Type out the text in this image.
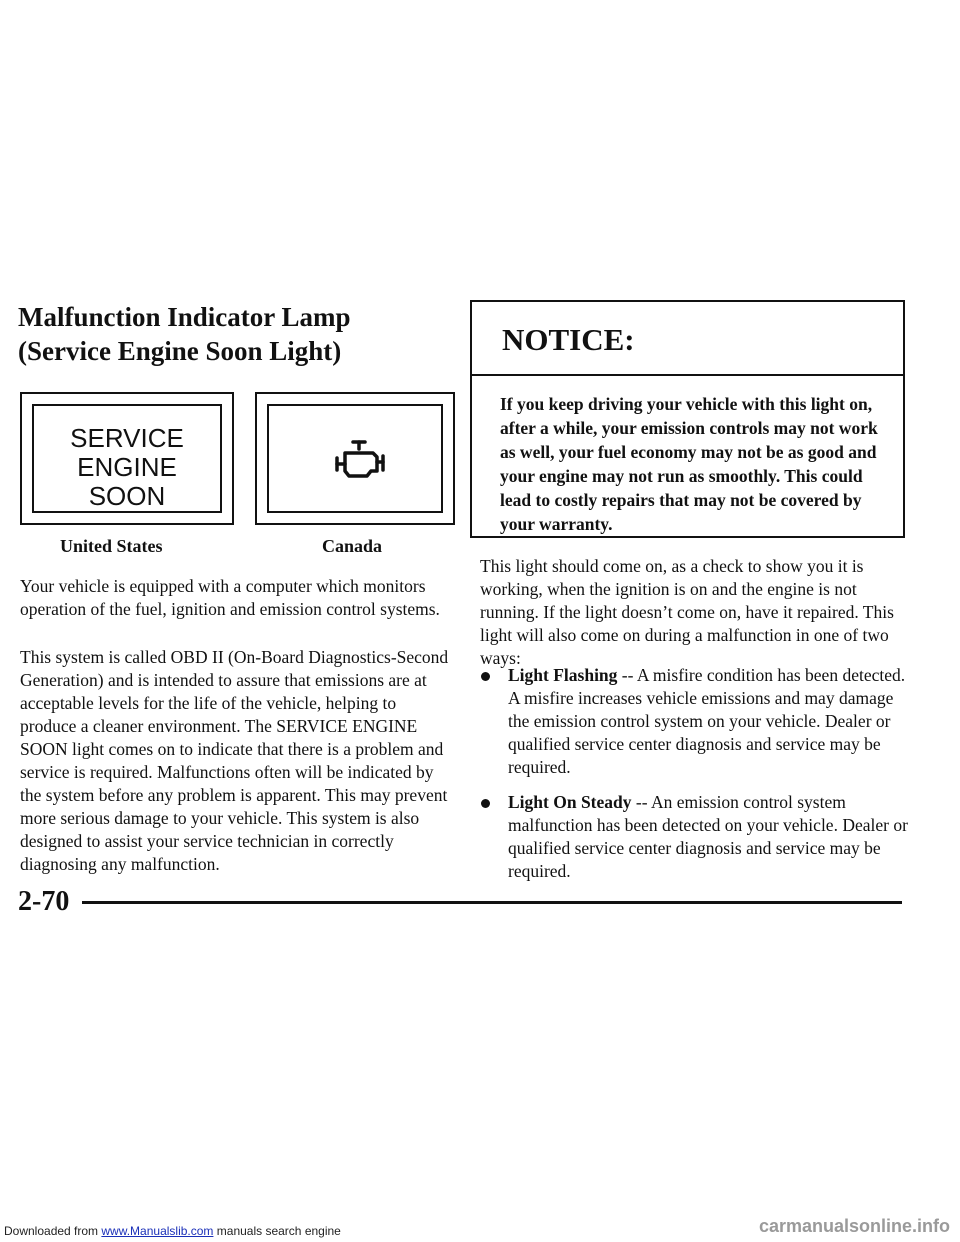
Malfunction Indicator Lamp
(Service Engine Soon Light)
SERVICE
ENGINE
SOON
United States	Canada
Your vehicle is equipped with a computer which monitors operation of the fuel, ignition and emission control systems.
This system is called OBD II (On-Board Diagnostics-Second Generation) and is intended to assure that emissions are at acceptable levels for the life of the vehicle, helping to produce a cleaner environment. The SERVICE ENGINE SOON light comes on to indicate that there is a problem and service is required. Malfunctions often will be indicated by the system before any problem is apparent. This may prevent more serious damage to your vehicle. This system is also designed to assist your service technician in correctly diagnosing any malfunction.
NOTICE:
If you keep driving your vehicle with this light on, after a while, your emission controls may not work as well, your fuel economy may not be as good and your engine may not run as smoothly. This could lead to costly repairs that may not be covered by your warranty.
This light should come on, as a check to show you it is working, when the ignition is on and the engine is not running. If the light doesn’t come on, have it repaired. This light will also come on during a malfunction in one of two ways:
Light Flashing -- A misfire condition has been detected. A misfire increases vehicle emissions and may damage the emission control system on your vehicle. Dealer or qualified service center diagnosis and service may be required.
Light On Steady -- An emission control system malfunction has been detected on your vehicle. Dealer or qualified service center diagnosis and service may be required.
2-70
Downloaded from www.Manualslib.com manuals search engine	carmanualsonline.info
